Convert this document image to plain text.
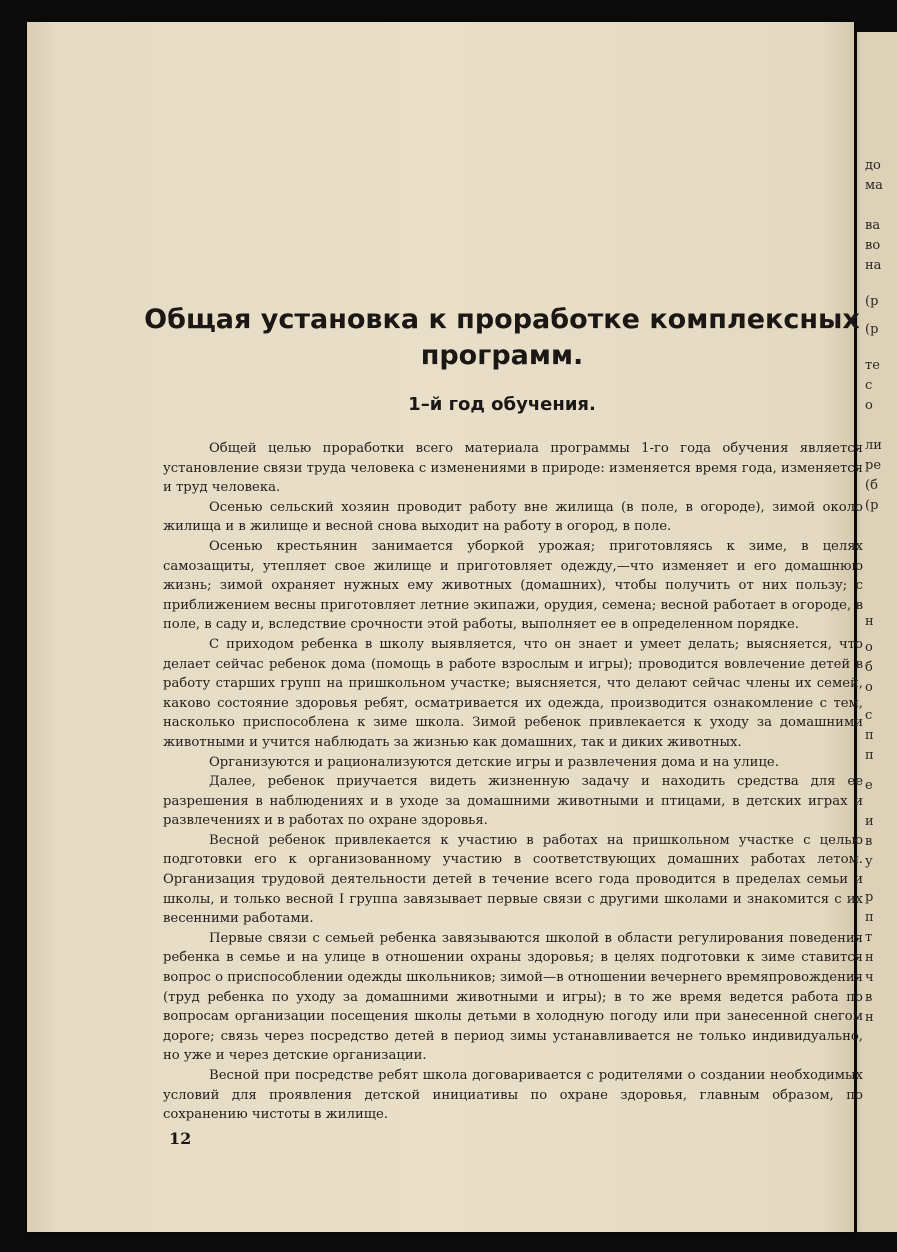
до
ма
ва
во
на
(р
(р
те
с
о
ли
ре
(б
(р
н
о
б
о
с
п
п
е
и
в
у
р
п
т
н
ч
в
н
Общая установка к проработке комплексных программ.
1–й год обучения.

Общей целью проработки всего материала программы 1-го года обучения является установление связи труда человека с изменениями в природе: изменяется время года, изменяется и труд человека.

Осенью сельский хозяин проводит работу вне жилища (в поле, в огороде), зимой около жилища и в жилище и весной снова выходит на работу в огород, в поле.

Осенью крестьянин занимается уборкой урожая; приготовляясь к зиме, в целях самозащиты, утепляет свое жилище и приготовляет одежду,—что изменяет и его домашнюю жизнь; зимой охраняет нужных ему животных (домашних), чтобы получить от них пользу; с приближением весны приготовляет летние экипажи, орудия, семена; весной работает в огороде, в поле, в саду и, вследствие срочности этой работы, выполняет ее в определенном порядке.

С приходом ребенка в школу выявляется, что он знает и умеет делать; выясняется, что делает сейчас ребенок дома (помощь в работе взрослым и игры); проводится вовлечение детей в работу старших групп на пришкольном участке; выясняется, что делают сейчас члены их семей, каково состояние здоровья ребят, осматривается их одежда, производится ознакомление с тем, насколько приспособлена к зиме школа. Зимой ребенок привлекается к уходу за домашними животными и учится наблюдать за жизнью как домашних, так и диких животных.

Организуются и рационализуются детские игры и развлечения дома и на улице.

Далее, ребенок приучается видеть жизненную задачу и находить средства для ее разрешения в наблюдениях и в уходе за домашними животными и птицами, в детских играх и развлечениях и в работах по охране здоровья.

Весной ребенок привлекается к участию в работах на пришкольном участке с целью подготовки его к организованному участию в соответствующих домашних работах летом. Организация трудовой деятельности детей в течение всего года проводится в пределах семьи и школы, и только весной I группа завязывает первые связи с другими школами и знакомится с их весенними работами.

Первые связи с семьей ребенка завязываются школой в области регулирования поведения ребенка в семье и на улице в отношении охраны здоровья; в целях подготовки к зиме ставится вопрос о приспособлении одежды школьников; зимой—в отношении вечернего времяпровождения (труд ребенка по уходу за домашними животными и игры); в то же время ведется работа по вопросам организации посещения школы детьми в холодную погоду или при занесенной снегом дороге; связь через посредство детей в период зимы устанавливается не только индивидуально, но уже и через детские организации.

Весной при посредстве ребят школа договаривается с родителями о создании необходимых условий для проявления детской инициативы по охране здоровья, главным образом, по сохранению чистоты в жилище.

12
